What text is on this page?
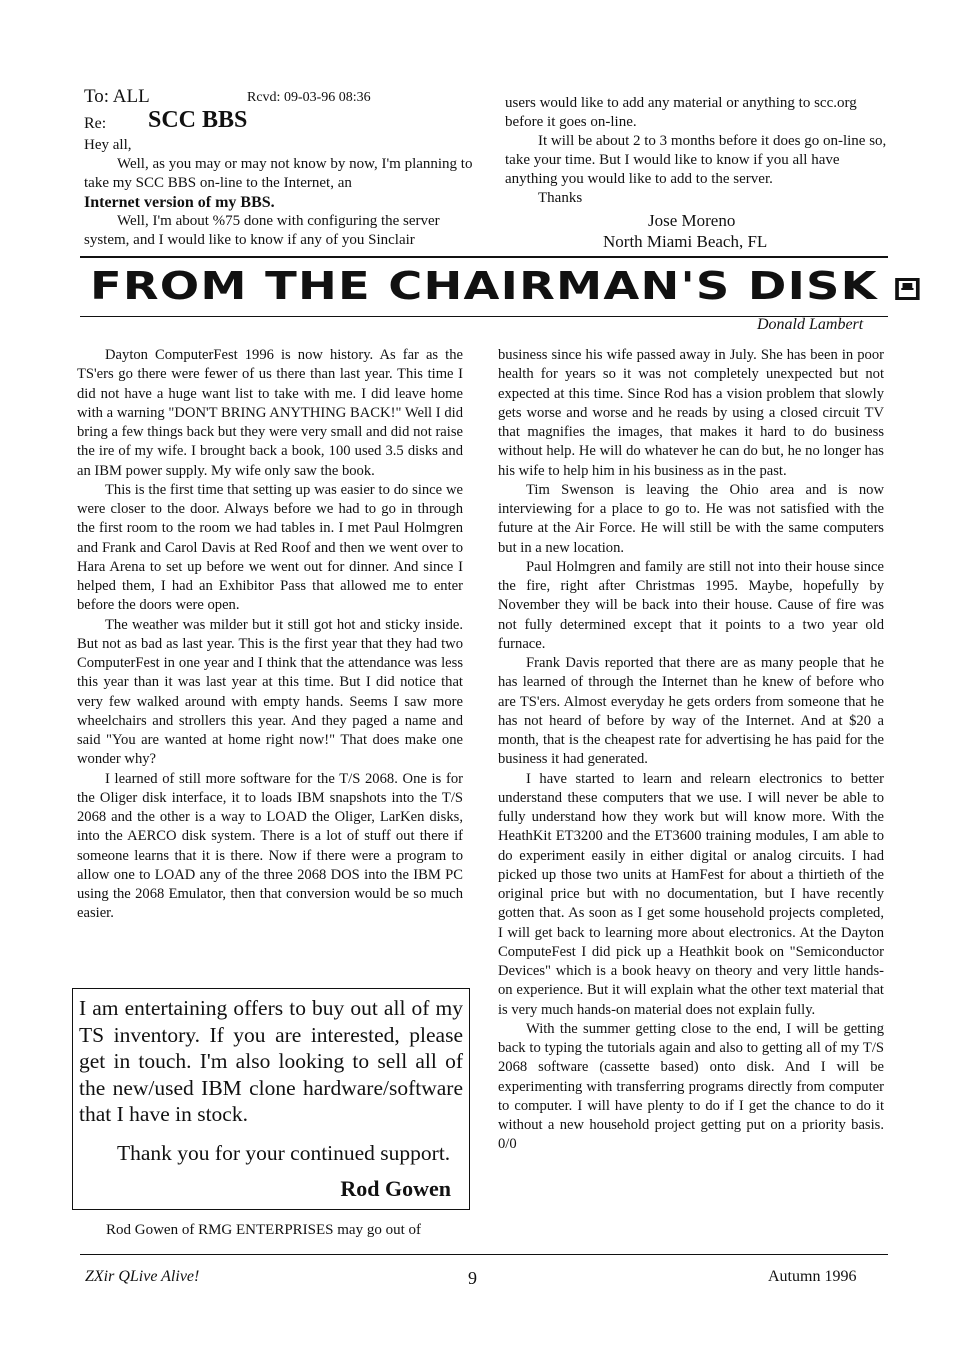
To: ALL	Rcvd: 09-03-96 08:36
Re: SCC BBS

Hey all,

Well, as you may or may not know by now, I'm planning to take my SCC BBS on-line to the Internet, an

Internet version of my BBS.

Well, I'm about %75 done with configuring the server system, and I would like to know if any of you Sinclair

users would like to add any material or anything to scc.org before it goes on-line.

It will be about 2 to 3 months before it does go on-line so, take your time. But I would like to know if you all have anything you would like to add to the server.

Thanks

Jose Moreno
North Miami Beach, FL
FROM THE CHAIRMAN'S DISK
Donald Lambert

Dayton ComputerFest 1996 is now history. As far as the TS'ers go there were fewer of us there than last year. This time I did not have a huge want list to take with me. I did leave home with a warning "DON'T BRING ANYTHING BACK!" Well I did bring a few things back but they were very small and did not raise the ire of my wife. I brought back a book, 100 used 3.5 disks and an IBM power supply. My wife only saw the book.

This is the first time that setting up was easier to do since we were closer to the door. Always before we had to go in through the first room to the room we had tables in. I met Paul Holmgren and Frank and Carol Davis at Red Roof and then we went over to Hara Arena to set up before we went out for dinner. And since I helped them, I had an Exhibitor Pass that allowed me to enter before the doors were open.

The weather was milder but it still got hot and sticky inside. But not as bad as last year. This is the first year that they had two ComputerFest in one year and I think that the attendance was less this year than it was last year at this time. But I did notice that very few walked around with empty hands. Seems I saw more wheelchairs and strollers this year. And they paged a name and said "You are wanted at home right now!" That does make one wonder why?

I learned of still more software for the T/S 2068. One is for the Oliger disk interface, it to loads IBM snapshots into the T/S 2068 and the other is a way to LOAD the Oliger, LarKen disks, into the AERCO disk system. There is a lot of stuff out there if someone learns that it is there. Now if there were a program to allow one to LOAD any of the three 2068 DOS into the IBM PC using the 2068 Emulator, then that conversion would be so much easier.

I am entertaining offers to buy out all of my TS inventory. If you are interested, please get in touch. I'm also looking to sell all of the new/used IBM clone hardware/software that I have in stock.

Thank you for your continued support.

Rod Gowen

Rod Gowen of RMG ENTERPRISES may go out of

business since his wife passed away in July. She has been in poor health for years so it was not completely unexpected but not expected at this time. Since Rod has a vision problem that slowly gets worse and worse and he reads by using a closed circuit TV that magnifies the images, that makes it hard to do business without help. He will do whatever he can do but, he no longer has his wife to help him in his business as in the past.

Tim Swenson is leaving the Ohio area and is now interviewing for a place to go to. He was not satisfied with the future at the Air Force. He will still be with the same computers but in a new location.

Paul Holmgren and family are still not into their house since the fire, right after Christmas 1995. Maybe, hopefully by November they will be back into their house. Cause of fire was not fully determined except that it points to a two year old furnace.

Frank Davis reported that there are as many people that he has learned of through the Internet than he knew of before who are TS'ers. Almost everyday he gets orders from someone that he has not heard of before by way of the Internet. And at $20 a month, that is the cheapest rate for advertising he has paid for the business it had generated.

I have started to learn and relearn electronics to better understand these computers that we use. I will never be able to fully understand how they work but will know more. With the HeathKit ET3200 and the ET3600 training modules, I am able to do experiment easily in either digital or analog circuits. I had picked up those two units at HamFest for about a thirtieth of the original price but with no documentation, but I have recently gotten that. As soon as I get some household projects completed, I will get back to learning more about electronics. At the Dayton ComputeFest I did pick up a Heathkit book on "Semiconductor Devices" which is a book heavy on theory and very little hands-on experience. But it will explain what the other text material that is very much hands-on material does not explain fully.

With the summer getting close to the end, I will be getting back to typing the tutorials again and also to getting all of my T/S 2068 software (cassette based) onto disk. And I will be experimenting with transferring programs directly from computer to computer. I will have plenty to do if I get the chance to do it without a new household project getting put on a priority basis. 0/0

ZXir QLive Alive!	9	Autumn 1996
